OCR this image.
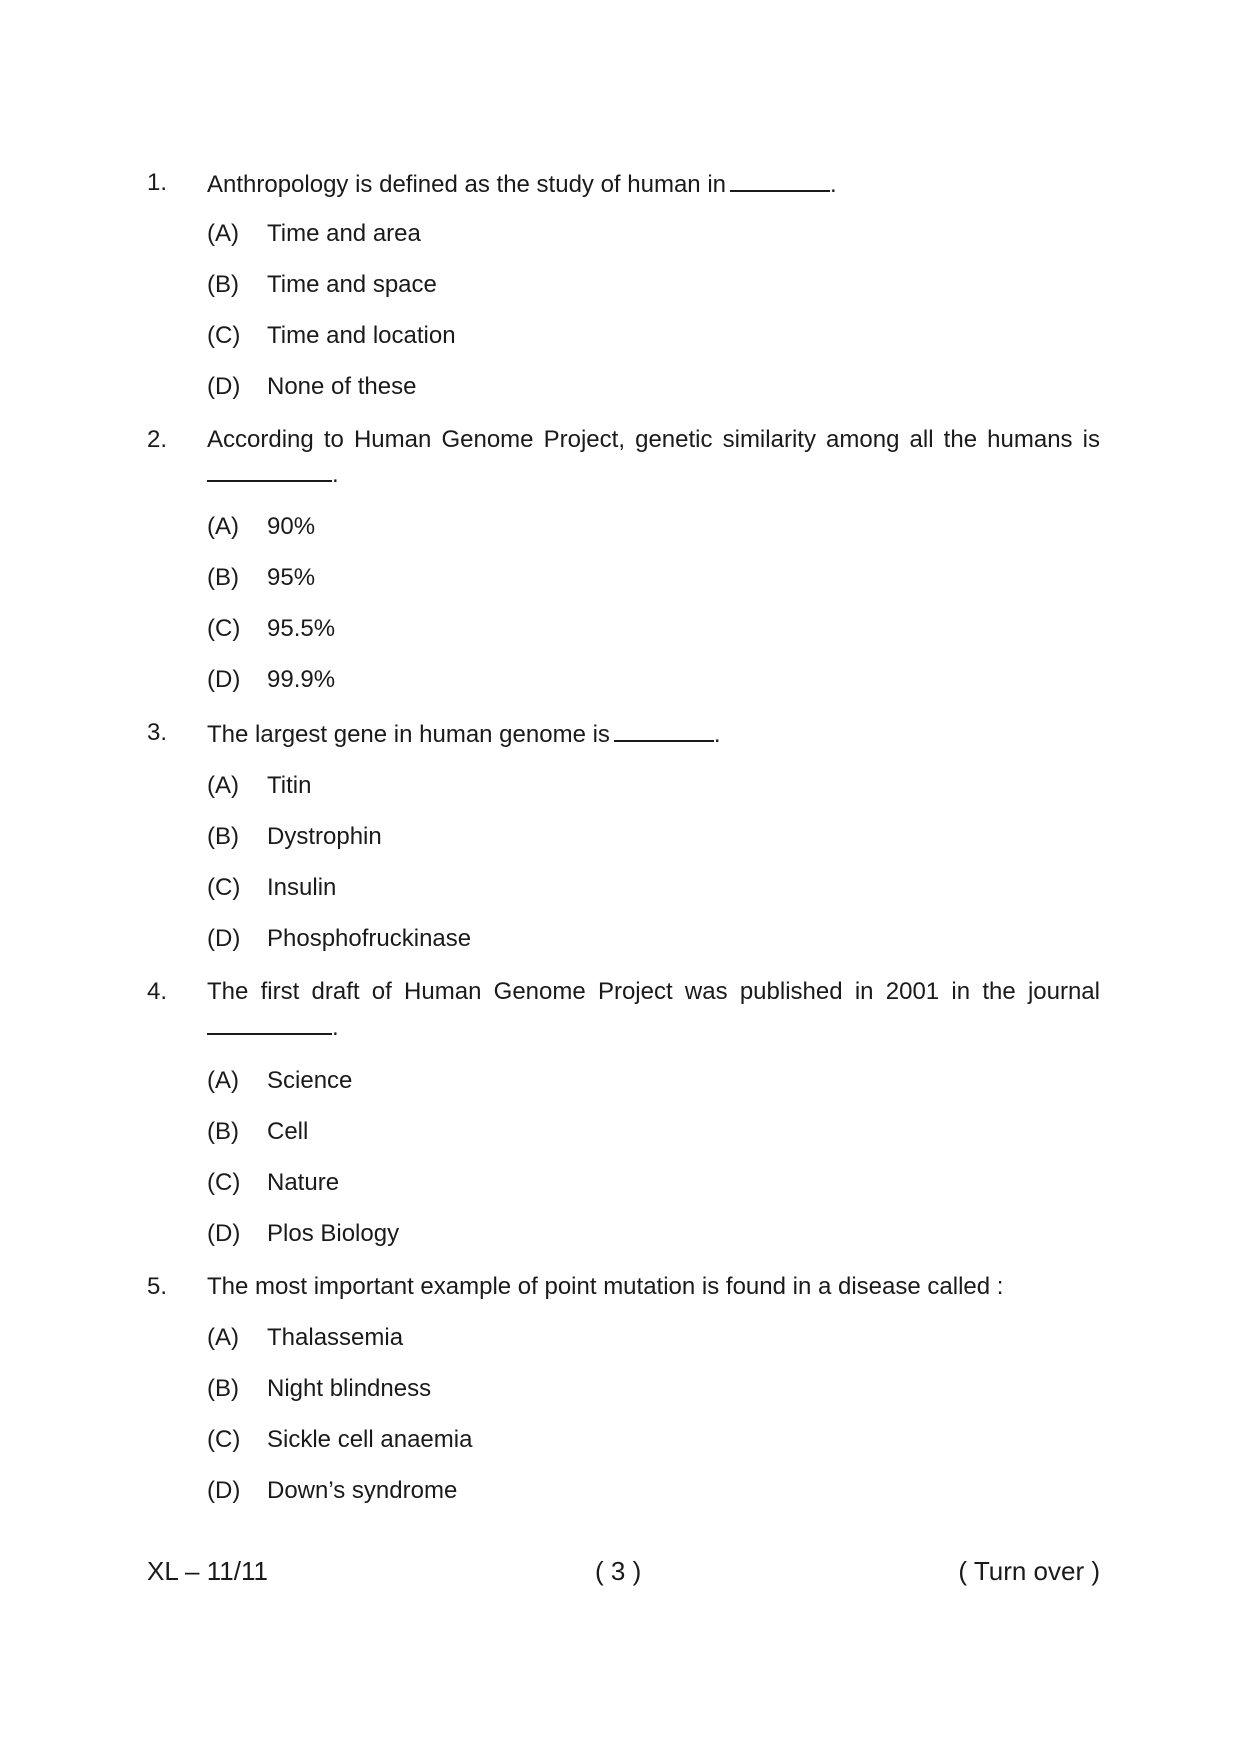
1. Anthropology is defined as the study of human in	.
(A) Time and area
(B) Time and space
(C) Time and location
(D) None of these
2. According to Human Genome Project, genetic similarity among all the humans is
.
(A) 90%
(B) 95%
(C) 95.5%
(D) 99.9%
3. The largest gene in human genome is	.
(A) Titin
(B) Dystrophin
(C) Insulin
(D) Phosphofruckinase
4. The first draft of Human Genome Project was published in 2001 in the journal
.
(A) Science
(B) Cell
(C) Nature
(D) Plos Biology
5. The most important example of point mutation is found in a disease called :
(A) Thalassemia
(B) Night blindness
(C) Sickle cell anaemia
(D) Down’s syndrome
XL – 11/11	( 3 )	( Turn over )
